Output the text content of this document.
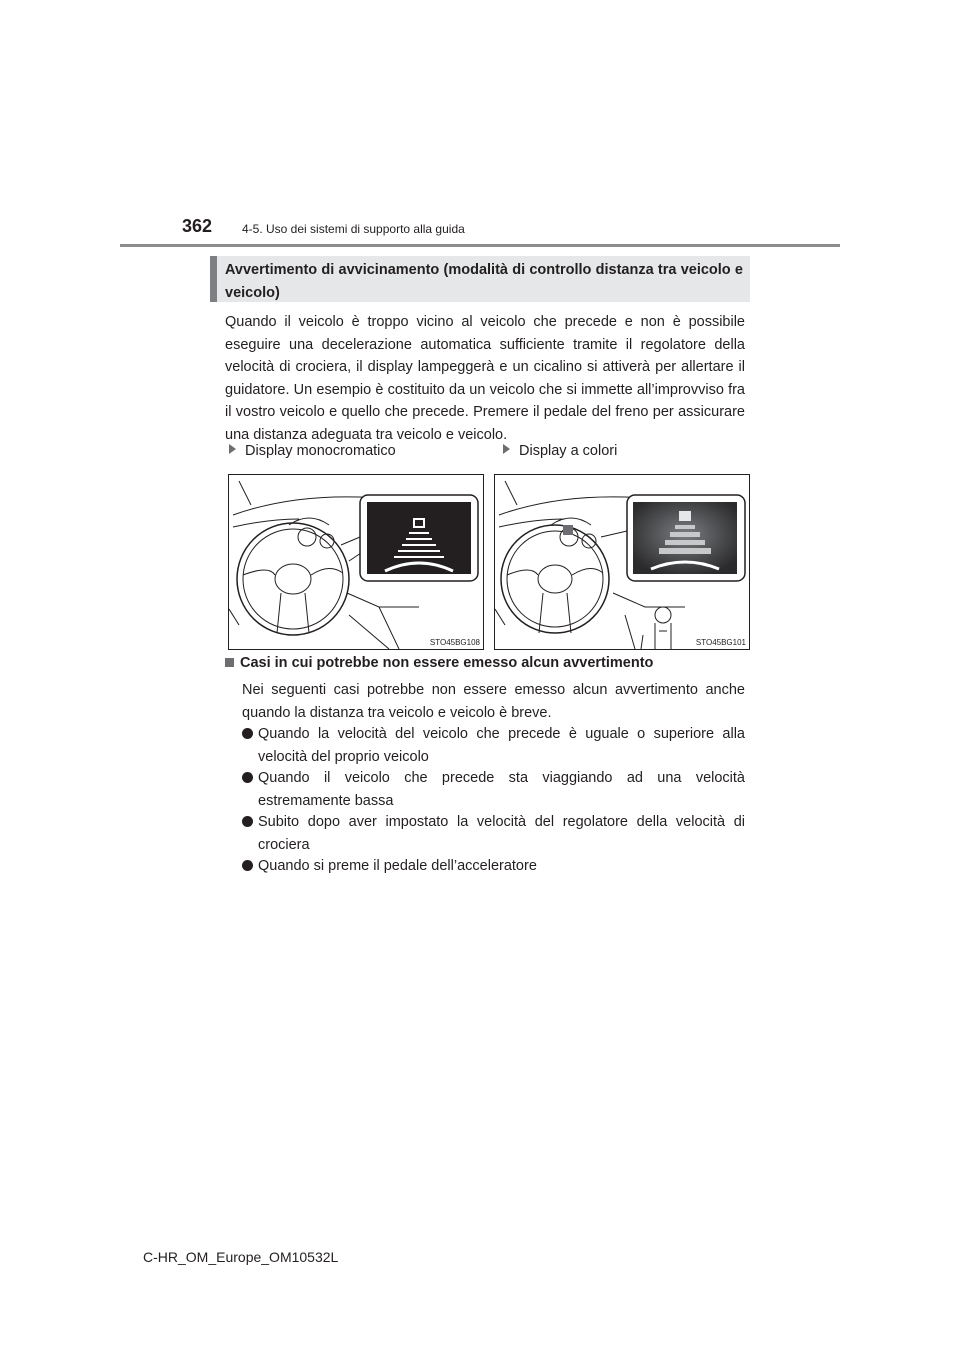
362 4-5. Uso dei sistemi di supporto alla guida
Avvertimento di avvicinamento (modalità di controllo distanza tra veicolo e veicolo)

Quando il veicolo è troppo vicino al veicolo che precede e non è possibile eseguire una decelerazione automatica sufficiente tramite il regolatore della velocità di crociera, il display lampeggerà e un cicalino si attiverà per allertare il guidatore. Un esempio è costituito da un veicolo che si immette all’improvviso fra il vostro veicolo e quello che precede. Premere il pedale del freno per assicurare una distanza adeguata tra veicolo e veicolo.

Display monocromatico	Display a colori
STO45BG108	STO45BG101
Casi in cui potrebbe non essere emesso alcun avvertimento

Nei seguenti casi potrebbe non essere emesso alcun avvertimento anche quando la distanza tra veicolo e veicolo è breve.

Quando la velocità del veicolo che precede è uguale o superiore alla velocità del proprio veicolo
Quando il veicolo che precede sta viaggiando ad una velocità estremamente bassa
Subito dopo aver impostato la velocità del regolatore della velocità di crociera
Quando si preme il pedale dell’acceleratore
C-HR_OM_Europe_OM10532L
